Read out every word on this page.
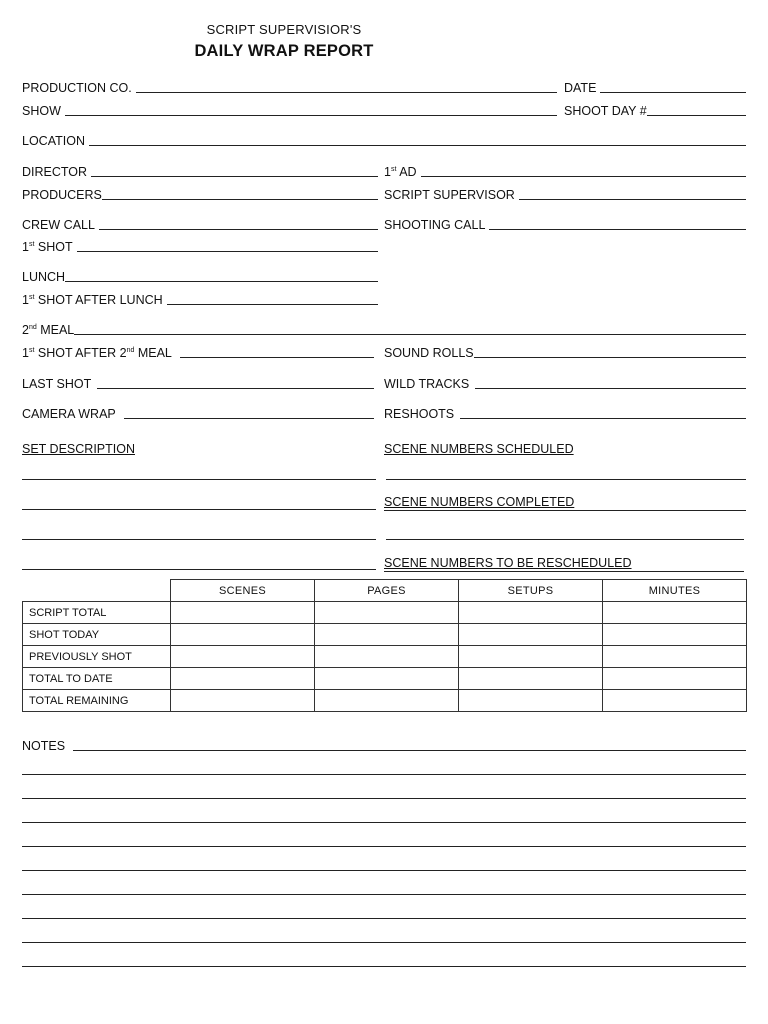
SCRIPT SUPERVISIOR'S
DAILY WRAP REPORT
PRODUCTION CO.	DATE
SHOW	SHOOT DAY #
LOCATION
DIRECTOR	1st AD
PRODUCERS	SCRIPT SUPERVISOR
CREW CALL	SHOOTING CALL
1st SHOT
LUNCH
1st SHOT AFTER LUNCH
2nd MEAL
1st SHOT AFTER 2nd MEAL	SOUND ROLLS
LAST SHOT	WILD TRACKS
CAMERA WRAP	RESHOOTS
SET DESCRIPTION	SCENE NUMBERS SCHEDULED
SCENE NUMBERS COMPLETED
SCENE NUMBERS TO BE RESCHEDULED
	SCENES	PAGES	SETUPS	MINUTES
SCRIPT TOTAL				
SHOT TODAY				
PREVIOUSLY SHOT				
TOTAL TO DATE				
TOTAL REMAINING				
NOTES
